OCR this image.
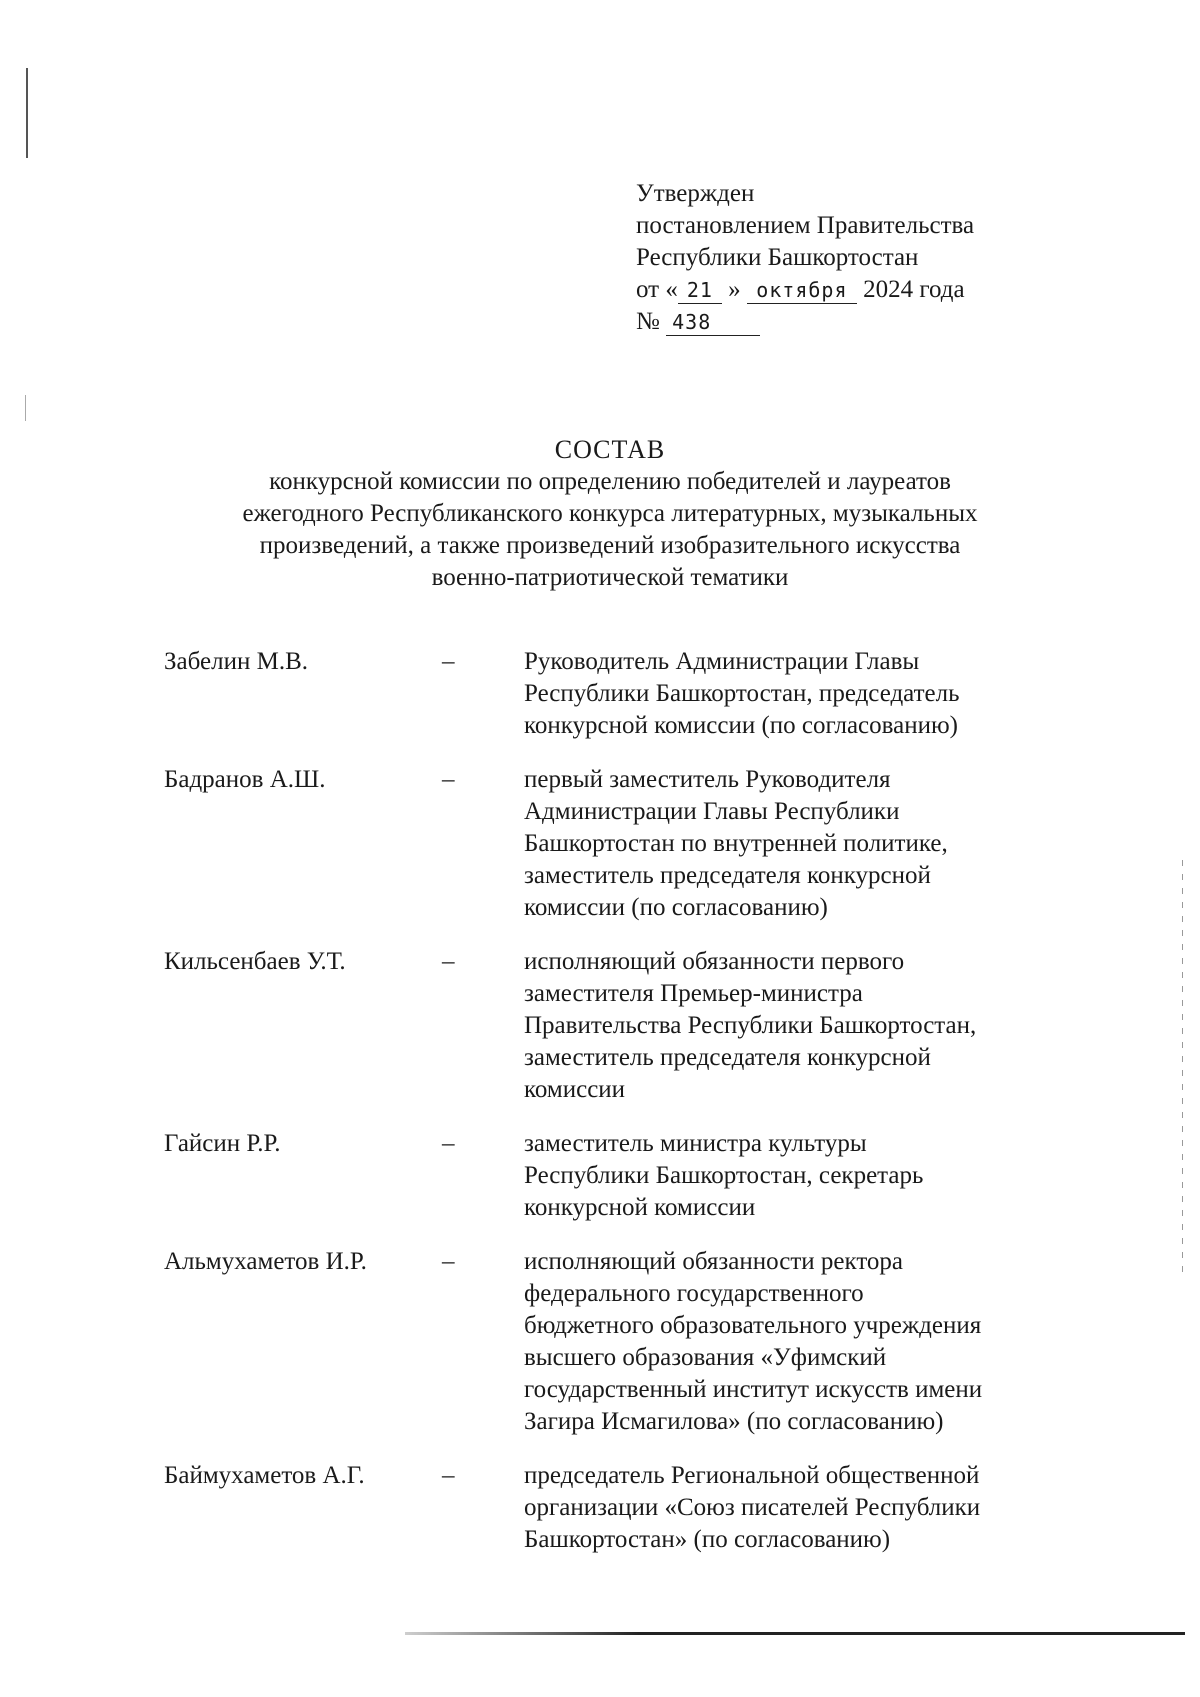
Утвержден
постановлением Правительства
Республики Башкортостан
от « 21 » октября 2024 года
№ 438
СОСТАВ
конкурсной комиссии по определению победителей и лауреатов
ежегодного Республиканского конкурса литературных, музыкальных
произведений, а также произведений изобразительного искусства
военно-патриотической тематики
Забелин М.В.	–	Руководитель Администрации Главы
Республики Башкортостан, председатель
конкурсной комиссии (по согласованию)
Бадранов А.Ш.	–	первый заместитель Руководителя
Администрации Главы Республики
Башкортостан по внутренней политике,
заместитель председателя конкурсной
комиссии (по согласованию)
Кильсенбаев У.Т.	–	исполняющий обязанности первого
заместителя Премьер-министра
Правительства Республики Башкортостан,
заместитель председателя конкурсной
комиссии
Гайсин Р.Р.	–	заместитель министра культуры
Республики Башкортостан, секретарь
конкурсной комиссии
Альмухаметов И.Р.	–	исполняющий обязанности ректора
федерального государственного
бюджетного образовательного учреждения
высшего образования «Уфимский
государственный институт искусств имени
Загира Исмагилова» (по согласованию)
Баймухаметов А.Г.	–	председатель Региональной общественной
организации «Союз писателей Республики
Башкортостан» (по согласованию)
